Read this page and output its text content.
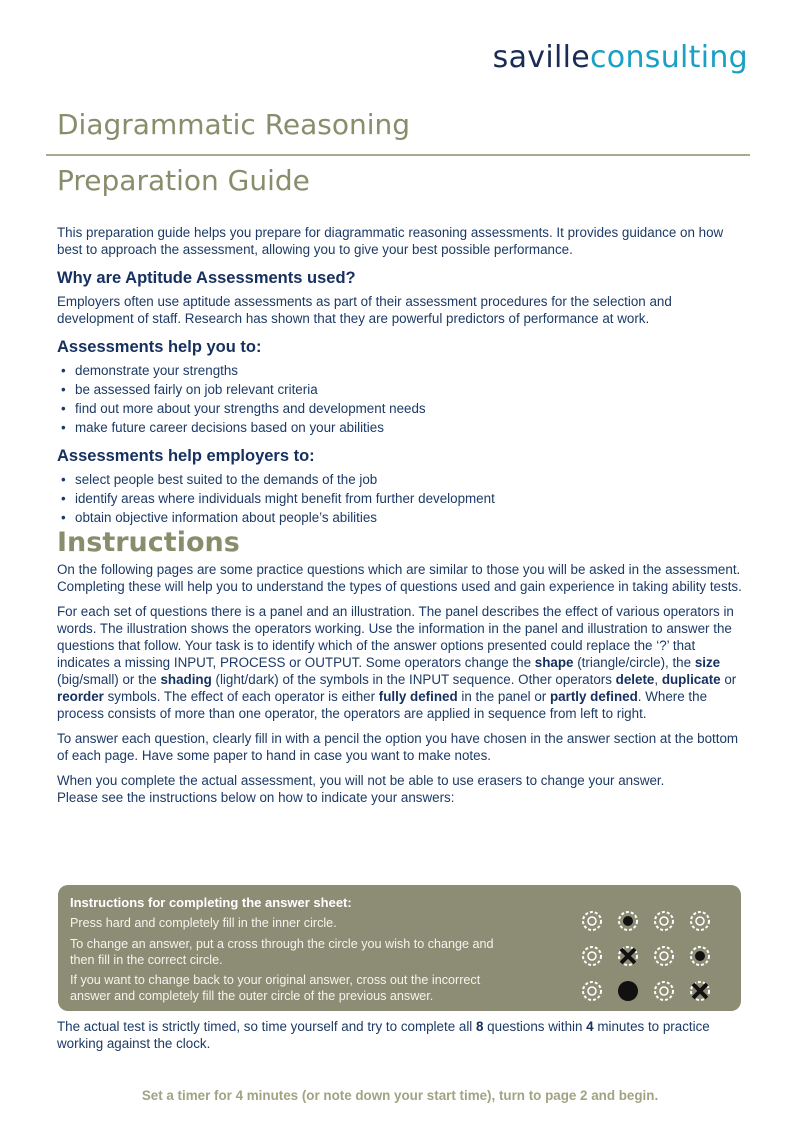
savilleconsulting
Diagrammatic Reasoning
Preparation Guide

This preparation guide helps you prepare for diagrammatic reasoning assessments. It provides guidance on how best to approach the assessment, allowing you to give your best possible performance.

Why are Aptitude Assessments used?

Employers often use aptitude assessments as part of their assessment procedures for the selection and development of staff. Research has shown that they are powerful predictors of performance at work.

Assessments help you to:
• demonstrate your strengths
• be assessed fairly on job relevant criteria
• find out more about your strengths and development needs
• make future career decisions based on your abilities
Assessments help employers to:
• select people best suited to the demands of the job
• identify areas where individuals might benefit from further development
• obtain objective information about people’s abilities
Instructions

On the following pages are some practice questions which are similar to those you will be asked in the assessment. Completing these will help you to understand the types of questions used and gain experience in taking ability tests.

For each set of questions there is a panel and an illustration. The panel describes the effect of various operators in words. The illustration shows the operators working. Use the information in the panel and illustration to answer the questions that follow. Your task is to identify which of the answer options presented could replace the ‘?’ that indicates a missing INPUT, PROCESS or OUTPUT. Some operators change the shape (triangle/circle), the size (big/small) or the shading (light/dark) of the symbols in the INPUT sequence. Other operators delete, duplicate or reorder symbols. The effect of each operator is either fully defined in the panel or partly defined. Where the process consists of more than one operator, the operators are applied in sequence from left to right.

To answer each question, clearly fill in with a pencil the option you have chosen in the answer section at the bottom of each page. Have some paper to hand in case you want to make notes.

When you complete the actual assessment, you will not be able to use erasers to change your answer.
Please see the instructions below on how to indicate your answers:

Instructions for completing the answer sheet:
Press hard and completely fill in the inner circle.
To change an answer, put a cross through the circle you wish to change and then fill in the correct circle.
If you want to change back to your original answer, cross out the incorrect answer and completely fill the outer circle of the previous answer.
The actual test is strictly timed, so time yourself and try to complete all 8 questions within 4 minutes to practice working against the clock.
Set a timer for 4 minutes (or note down your start time), turn to page 2 and begin.
